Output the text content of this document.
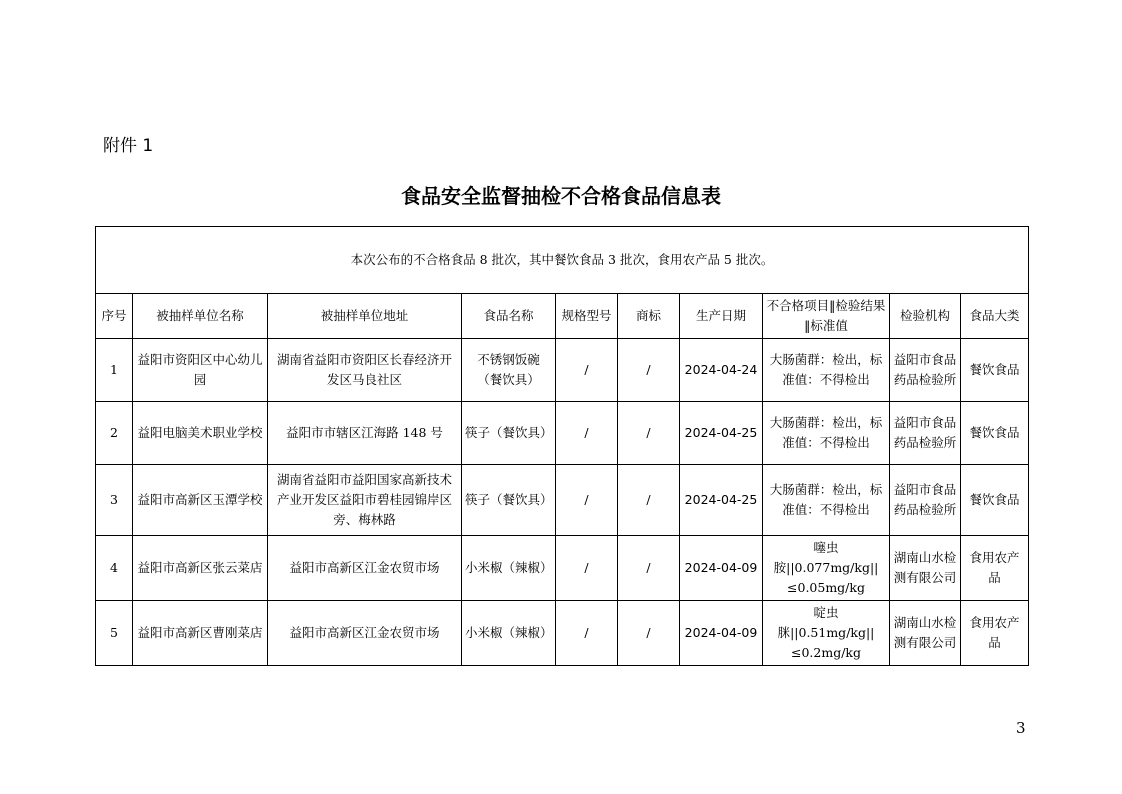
附件 1
食品安全监督抽检不合格食品信息表
本次公布的不合格食品 8 批次，其中餐饮食品 3 批次，食用农产品 5 批次。									
序号	被抽样单位名称	被抽样单位地址	食品名称	规格型号	商标	生产日期	不合格项目‖检验结果‖标准值	检验机构	食品大类
1	益阳市资阳区中心幼儿园	湖南省益阳市资阳区长春经济开发区马良社区	不锈钢饭碗（餐饮具）	/	/	2024-04-24	大肠菌群：检出，标准值：不得检出	益阳市食品药品检验所	餐饮食品
2	益阳电脑美术职业学校	益阳市市辖区江海路 148 号	筷子（餐饮具）	/	/	2024-04-25	大肠菌群：检出，标准值：不得检出	益阳市食品药品检验所	餐饮食品
3	益阳市高新区玉潭学校	湖南省益阳市益阳国家高新技术产业开发区益阳市碧桂园锦岸区旁、梅林路	筷子（餐饮具）	/	/	2024-04-25	大肠菌群：检出，标准值：不得检出	益阳市食品药品检验所	餐饮食品
4	益阳市高新区张云菜店	益阳市高新区江金农贸市场	小米椒（辣椒）	/	/	2024-04-09	噻虫胺||0.077mg/kg||≤0.05mg/kg	湖南山水检测有限公司	食用农产品
5	益阳市高新区曹刚菜店	益阳市高新区江金农贸市场	小米椒（辣椒）	/	/	2024-04-09	啶虫脒||0.51mg/kg||≤0.2mg/kg	湖南山水检测有限公司	食用农产品
3
